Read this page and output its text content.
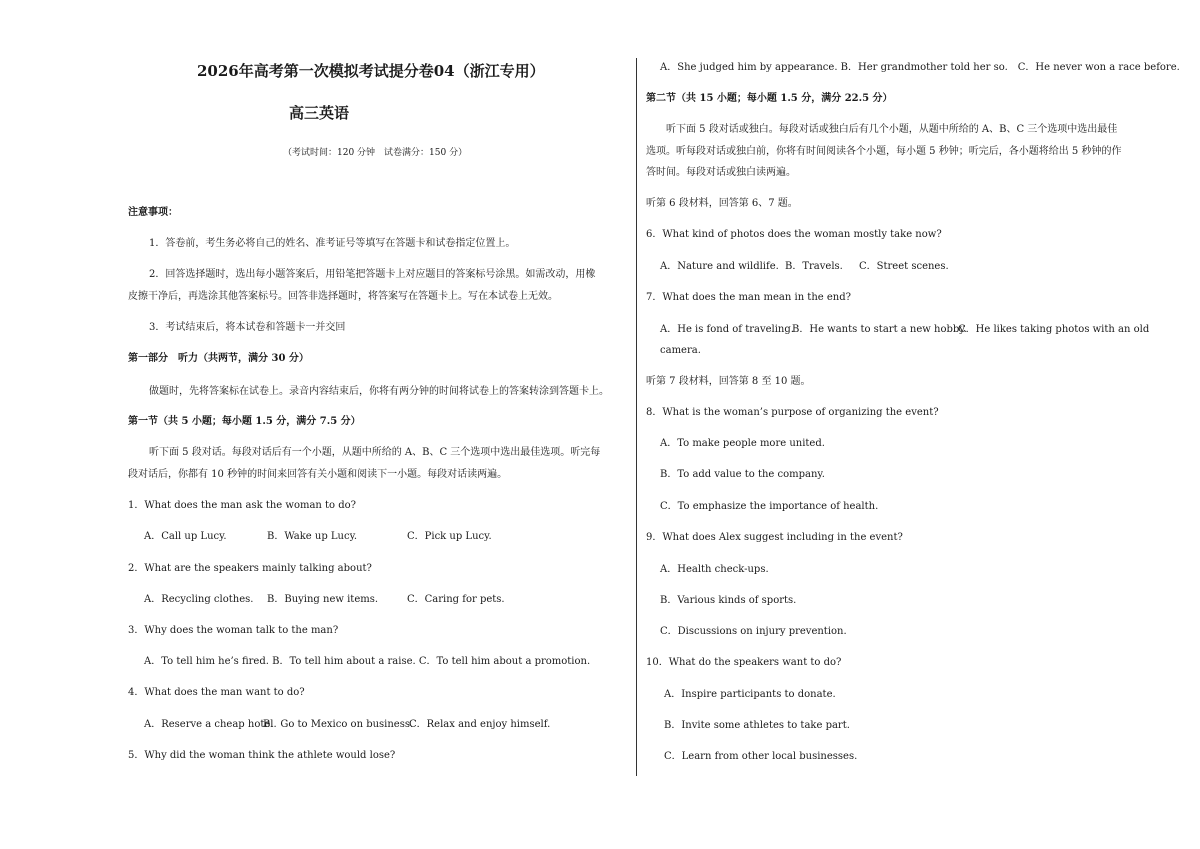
2026年高考第一次模拟考试提分卷04（浙江专用）
高三英语
（考试时间：120 分钟　试卷满分：150 分）
注意事项：
1．答卷前，考生务必将自己的姓名、准考证号等填写在答题卡和试卷指定位置上。
2．回答选择题时，选出每小题答案后，用铅笔把答题卡上对应题目的答案标号涂黑。如需改动，用橡
皮擦干净后，再选涂其他答案标号。回答非选择题时，将答案写在答题卡上。写在本试卷上无效。
3．考试结束后，将本试卷和答题卡一并交回
第一部分　听力（共两节，满分 30 分）
做题时，先将答案标在试卷上。录音内容结束后，你将有两分钟的时间将试卷上的答案转涂到答题卡上。
第一节（共 5 小题；每小题 1.5 分，满分 7.5 分）
听下面 5 段对话。每段对话后有一个小题，从题中所给的 A、B、C 三个选项中选出最佳选项。听完每
段对话后，你都有 10 秒钟的时间来回答有关小题和阅读下一小题。每段对话读两遍。
1．What does the man ask the woman to do?
A．Call up Lucy.	B．Wake up Lucy.	C．Pick up Lucy.
2．What are the speakers mainly talking about?
A．Recycling clothes. B．Buying new items.	C．Caring for pets.
3．Why does the woman talk to the man?
A．To tell him he’s fired. B．To tell him about a raise. C．To tell him about a promotion.
4．What does the man want to do?
A．Reserve a cheap hotel.
B．Go to Mexico on business.
C．Relax and enjoy himself.
5．Why did the woman think the athlete would lose?
A．She judged him by appearance. B．Her grandmother told her so.　C．He never won a race before.
第二节（共 15 小题；每小题 1.5 分，满分 22.5 分）
听下面 5 段对话或独白。每段对话或独白后有几个小题，从题中所给的 A、B、C 三个选项中选出最佳
选项。听每段对话或独白前，你将有时间阅读各个小题，每小题 5 秒钟；听完后，各小题将给出 5 秒钟的作
答时间。每段对话或独白读两遍。
听第 6 段材料，回答第 6、7 题。
6．What kind of photos does the woman mostly take now?
A．Nature and wildlife. B．Travels. C．Street scenes.
7．What does the man mean in the end?
A．He is fond of traveling.
B．He wants to start a new hobby.
C．He likes taking photos with an old
camera.
听第 7 段材料，回答第 8 至 10 题。
8．What is the woman’s purpose of organizing the event?
A．To make people more united.
B．To add value to the company.
C．To emphasize the importance of health.
9．What does Alex suggest including in the event?
A．Health check-ups.
B．Various kinds of sports.
C．Discussions on injury prevention.
10．What do the speakers want to do?
A．Inspire participants to donate.
B．Invite some athletes to take part.
C．Learn from other local businesses.
